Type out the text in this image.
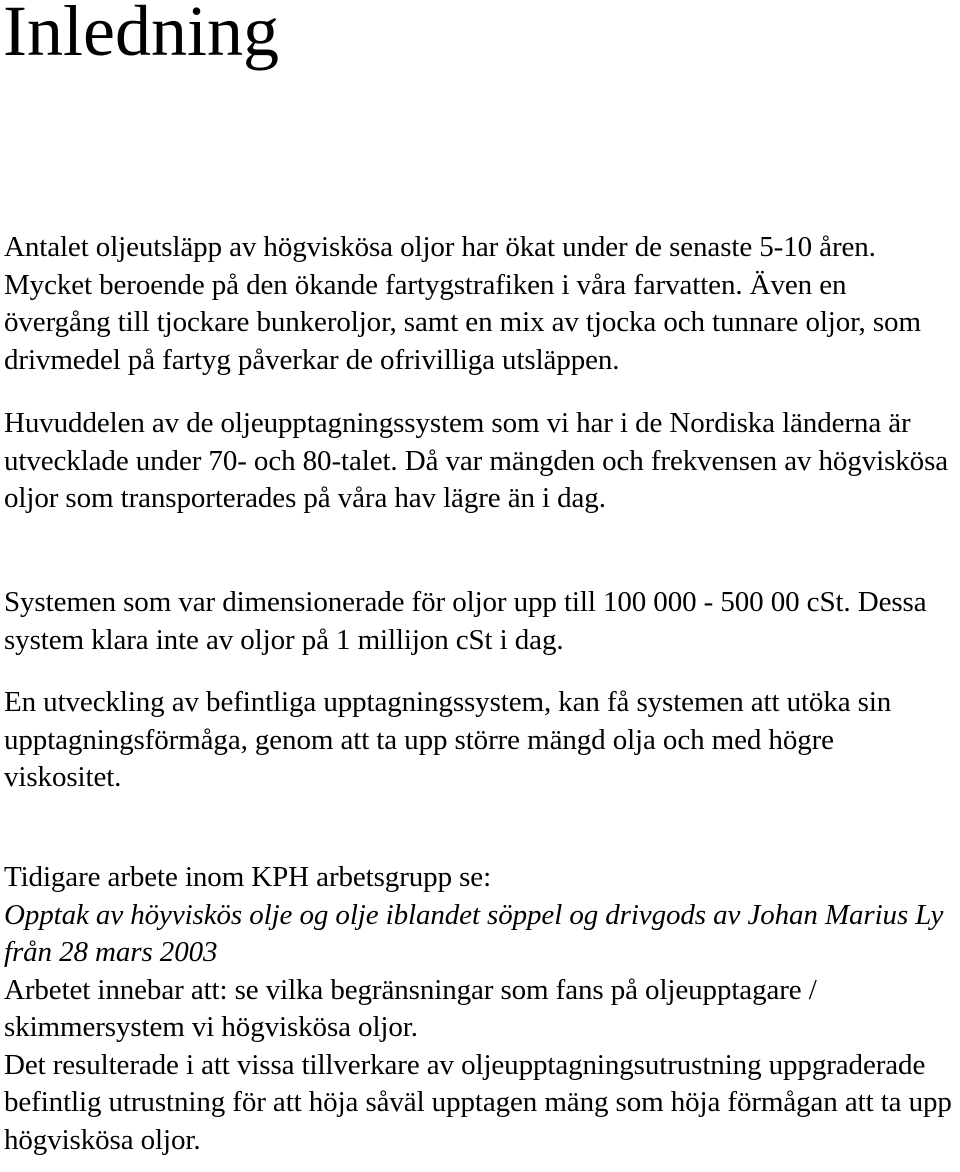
Inledning

Antalet oljeutsläpp av högviskösa oljor har ökat under de senaste 5-10 åren. Mycket beroende på den ökande fartygstrafiken i våra farvatten. Även en övergång till tjockare bunkeroljor, samt en mix av tjocka och tunnare oljor, som drivmedel på fartyg påverkar de ofrivilliga utsläppen.

Huvuddelen av de oljeupptagningssystem som vi har i de Nordiska länderna är utvecklade under 70- och 80-talet. Då var mängden och frekvensen av högviskösa oljor som transporterades på våra hav lägre än i dag.

Systemen som var dimensionerade för oljor upp till 100 000 - 500 00 cSt. Dessa system klara inte av oljor på 1 millijon cSt i dag.

En utveckling av befintliga upptagningssystem, kan få systemen att utöka sin upptagningsförmåga, genom att ta upp större mängd olja och med högre viskositet.

Tidigare arbete inom KPH arbetsgrupp se:
Opptak av höyviskös olje og olje iblandet söppel og drivgods av Johan Marius Ly från 28 mars 2003
Arbetet innebar att: se vilka begränsningar som fans på oljeupptagare / skimmersystem vi högviskösa oljor.
Det resulterade i att vissa tillverkare av oljeupptagningsutrustning uppgraderade befintlig utrustning för att höja såväl upptagen mäng som höja förmågan att ta upp högviskösa oljor.
